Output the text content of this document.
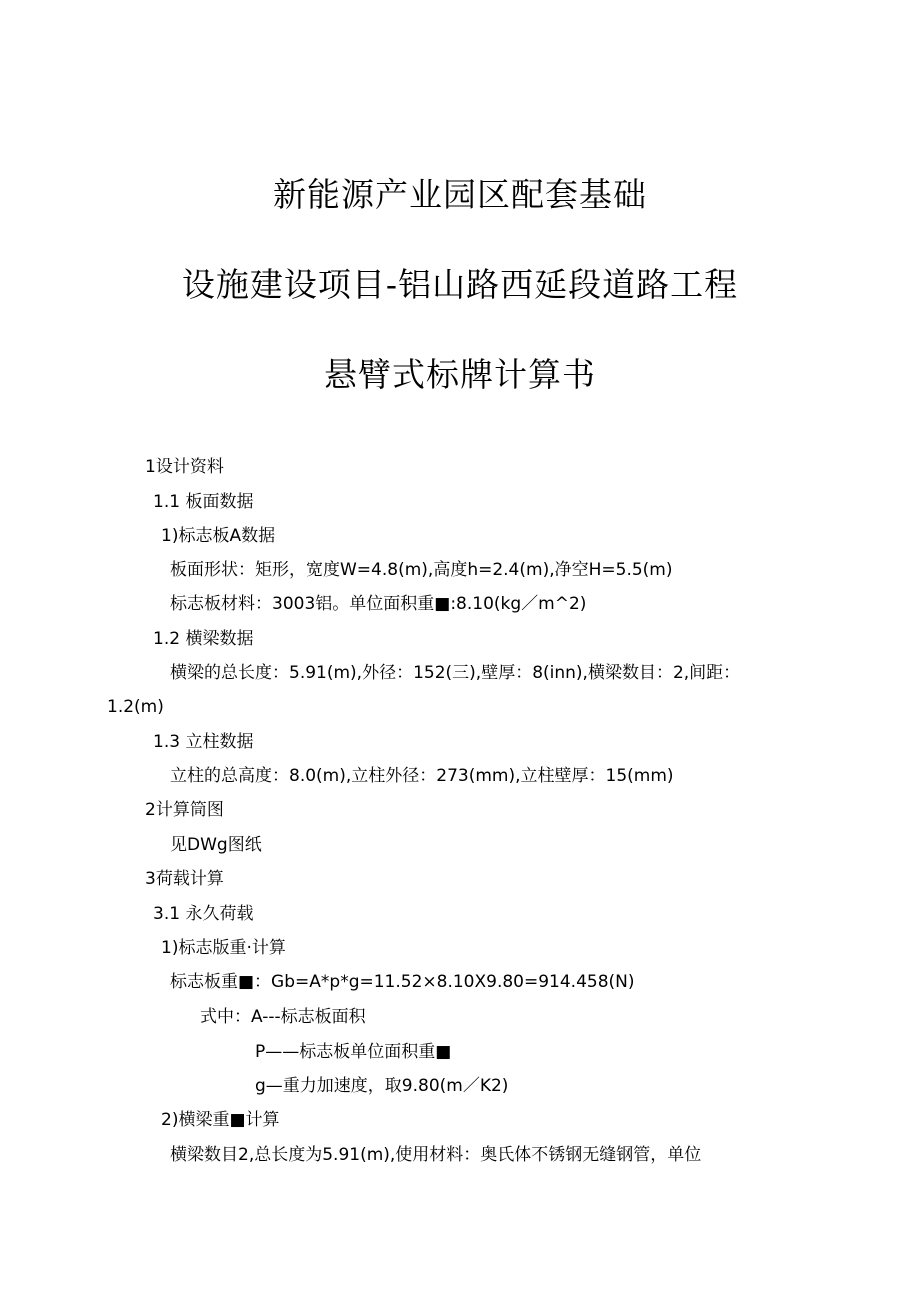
新能源产业园区配套基础
设施建设项目-铝山路西延段道路工程
悬臂式标牌计算书
1设计资料
1.1 板面数据
1)标志板A数据
板面形状：矩形，宽度W=4.8(m),高度h=2.4(m),净空H=5.5(m)
标志板材料：3003铝。单位面积重■:8.10(kg／m^2)
1.2 横梁数据
横梁的总长度：5.91(m),外径：152(三),壁厚：8(inn),横梁数目：2,间距：
1.2(m)
1.3 立柱数据
立柱的总高度：8.0(m),立柱外径：273(mm),立柱壁厚：15(mm)
2计算筒图
见DWg图纸
3荷载计算
3.1 永久荷载
1)标志版重·计算
标志板重■：Gb=A*p*g=11.52×8.10X9.80=914.458(N)
式中：A---标志板面积
P——标志板单位面积重■
g—重力加速度，取9.80(m／K2)
2)横梁重■计算
横梁数目2,总长度为5.91(m),使用材料：奥氏体不锈钢无缝钢管，单位
